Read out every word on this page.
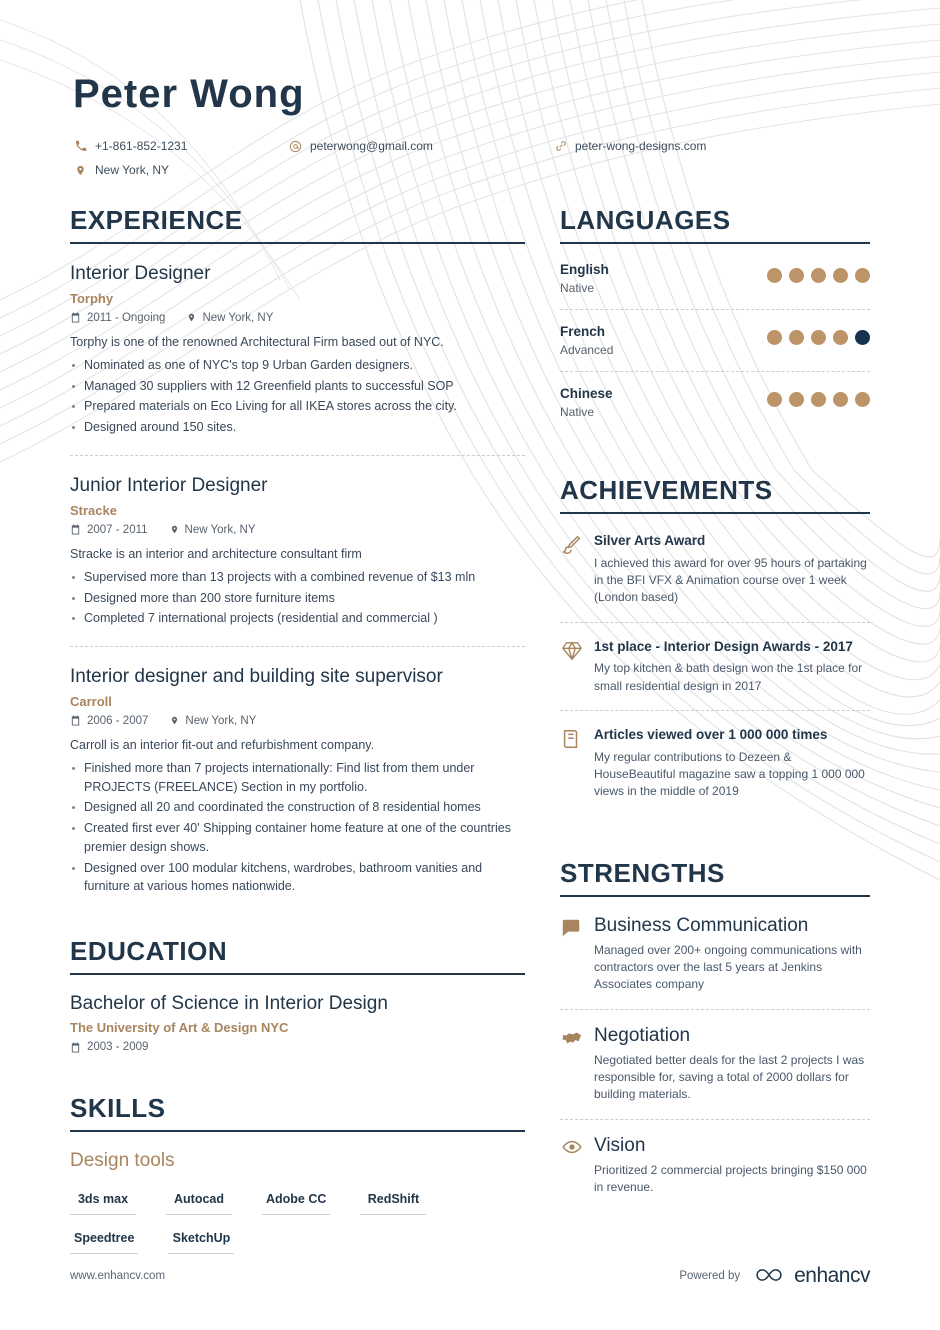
Peter Wong
+1-861-852-1231	peterwong@gmail.com	peter-wong-designs.com
New York, NY
EXPERIENCE
Interior Designer
Torphy
2011 - Ongoing	New York, NY
Torphy is one of the renowned Architectural Firm based out of NYC.
Nominated as one of NYC's top 9 Urban Garden designers.
Managed 30 suppliers with 12 Greenfield plants to successful SOP
Prepared materials on Eco Living for all IKEA stores across the city.
Designed around 150 sites.
Junior Interior Designer
Stracke
2007 - 2011	New York, NY
Stracke is an interior and architecture consultant firm
Supervised more than 13 projects with a combined revenue of $13 mln
Designed more than 200 store furniture items
Completed 7 international projects (residential and commercial )
Interior designer and building site supervisor
Carroll
2006 - 2007	New York, NY
Carroll is an interior fit-out and refurbishment company.
Finished more than 7 projects internationally: Find list from them under PROJECTS (FREELANCE) Section in my portfolio.
Designed all 20 and coordinated the construction of 8 residential homes
Created first ever 40' Shipping container home feature at one of the countries premier design shows.
Designed over 100 modular kitchens, wardrobes, bathroom vanities and furniture at various homes nationwide.
EDUCATION
Bachelor of Science in Interior Design
The University of Art & Design NYC
2003 - 2009
SKILLS
Design tools
3ds max	Autocad	Adobe CC	RedShift
Speedtree	SketchUp
LANGUAGES
English
Native
French
Advanced
Chinese
Native
ACHIEVEMENTS
Silver Arts Award
I achieved this award for over 95 hours of partaking in the BFI VFX & Animation course over 1 week (London based)
1st place - Interior Design Awards - 2017
My top kitchen & bath design won the 1st place for small residential design in 2017
Articles viewed over 1 000 000 times
My regular contributions to Dezeen & HouseBeautiful magazine saw a topping 1 000 000 views in the middle of 2019
STRENGTHS
Business Communication
Managed over 200+ ongoing communications with contractors over the last 5 years at Jenkins Associates company
Negotiation
Negotiated better deals for the last 2 projects I was responsible for, saving a total of 2000 dollars for building materials.
Vision
Prioritized 2 commercial projects bringing $150 000 in revenue.
www.enhancv.com	Powered by	enhancv
